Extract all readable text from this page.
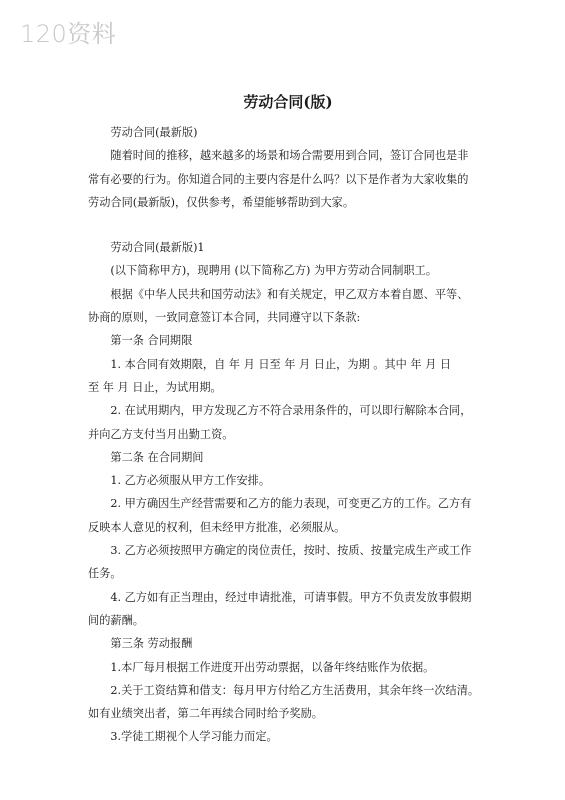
120资料
劳动合同(版)

劳动合同(最新版)

随着时间的推移，越来越多的场景和场合需要用到合同，签订合同也是非

常有必要的行为。你知道合同的主要内容是什么吗？以下是作者为大家收集的

劳动合同(最新版)，仅供参考，希望能够帮助到大家。

劳动合同(最新版)1

(以下简称甲方)，现聘用 (以下简称乙方) 为甲方劳动合同制职工。

根据《中华人民共和国劳动法》和有关规定，甲乙双方本着自愿、平等、

协商的原则，一致同意签订本合同，共同遵守以下条款:

第一条 合同期限

1. 本合同有效期限，自 年 月 日至 年 月 日止，为期 。其中 年 月 日

至 年 月 日止，为试用期。

2. 在试用期内，甲方发现乙方不符合录用条件的，可以即行解除本合同，

并向乙方支付当月出勤工资。

第二条 在合同期间

1. 乙方必须服从甲方工作安排。

2. 甲方确因生产经营需要和乙方的能力表现，可变更乙方的工作。乙方有

反映本人意见的权利，但未经甲方批准，必须服从。

3. 乙方必须按照甲方确定的岗位责任，按时、按质、按量完成生产或工作

任务。

4. 乙方如有正当理由，经过申请批准，可请事假。甲方不负责发放事假期

间的薪酬。

第三条 劳动报酬

1.本厂每月根据工作进度开出劳动票据，以备年终结账作为依据。

2.关于工资结算和借支：每月甲方付给乙方生活费用，其余年终一次结清。

如有业绩突出者，第二年再续合同时给予奖励。

3.学徒工期视个人学习能力而定。
